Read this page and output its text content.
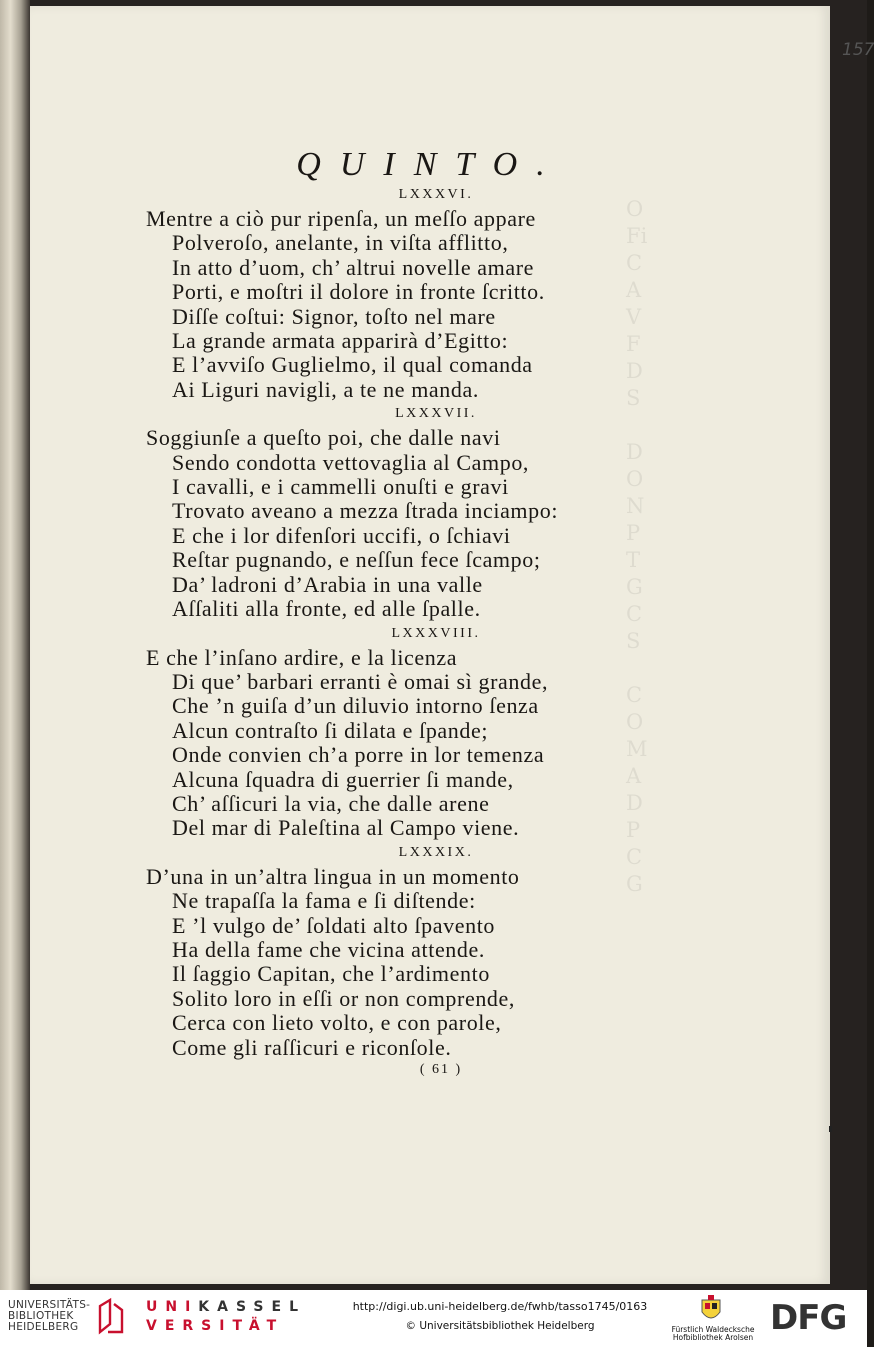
O
Fi
C
A
V
F
D
S

D
O
N
P
T
G
C
S

C
O
M
A
D
P
C
G
157
QUINTO.
LXXXVI.
Mentre a ciò pur ripenſa, un meſſo appare
Polveroſo, anelante, in viſta afflitto,
In atto d’uom, ch’ altrui novelle amare
Porti, e moſtri il dolore in fronte ſcritto.
Diſſe coſtui: Signor, toſto nel mare
La grande armata apparirà d’Egitto:
E l’avviſo Guglielmo, il qual comanda
Ai Liguri navigli, a te ne manda.
LXXXVII.
Soggiunſe a queſto poi, che dalle navi
Sendo condotta vettovaglia al Campo,
I cavalli, e i cammelli onuſti e gravi
Trovato aveano a mezza ſtrada inciampo:
E che i lor difenſori uccifi, o ſchiavi
Reſtar pugnando, e neſſun fece ſcampo;
Da’ ladroni d’Arabia in una valle
Aſſaliti alla fronte, ed alle ſpalle.
LXXXVIII.
E che l’inſano ardire, e la licenza
Di que’ barbari erranti è omai sì grande,
Che ’n guiſa d’un diluvio intorno ſenza
Alcun contraſto ſi dilata e ſpande;
Onde convien ch’a porre in lor temenza
Alcuna ſquadra di guerrier ſi mande,
Ch’ aſſicuri la via, che dalle arene
Del mar di Paleſtina al Campo viene.
LXXXIX.
D’una in un’altra lingua in un momento
Ne trapaſſa la fama e ſi diſtende:
E ’l vulgo de’ ſoldati alto ſpavento
Ha della fame che vicina attende.
Il ſaggio Capitan, che l’ardimento
Solito loro in eſſi or non comprende,
Cerca con lieto volto, e con parole,
Come gli raſſicuri e riconſole.
( 61 )
UNIVERSITÄTS-
BIBLIOTHEK
HEIDELBERG
UNIKASSEL
VERSITÄT
http://digi.ub.uni-heidelberg.de/fwhb/tasso1745/0163
© Universitätsbibliothek Heidelberg	Fürstlich Waldecksche
Hofbibliothek Arolsen DFG
